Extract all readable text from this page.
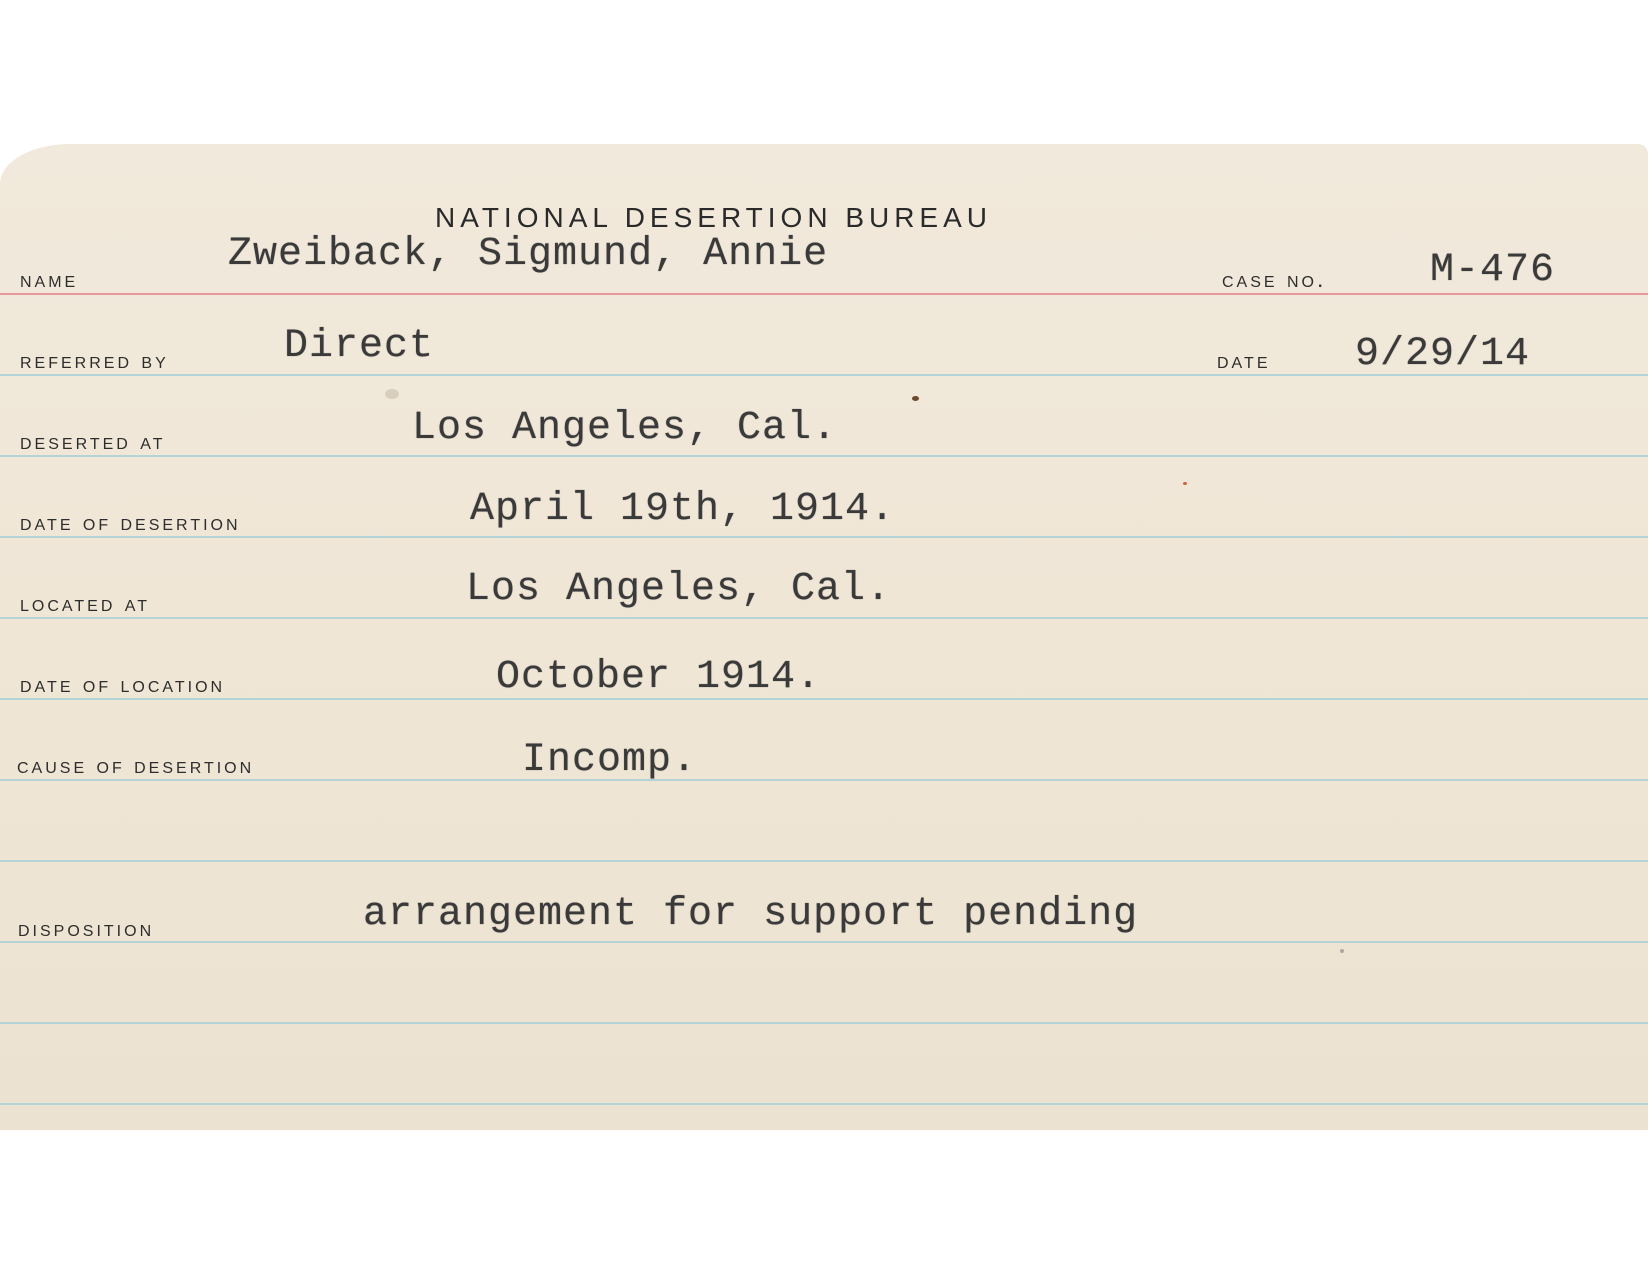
NATIONAL DESERTION BUREAU
name
Zweiback, Sigmund, Annie
case no.	M-476
referred by	Direct	date 9/29/14
deserted at	Los Angeles, Cal.
date of desertion	April 19th, 1914.
located at	Los Angeles, Cal.
date of location	October 1914.
cause of desertion	Incomp.
disposition	arrangement for support pending
